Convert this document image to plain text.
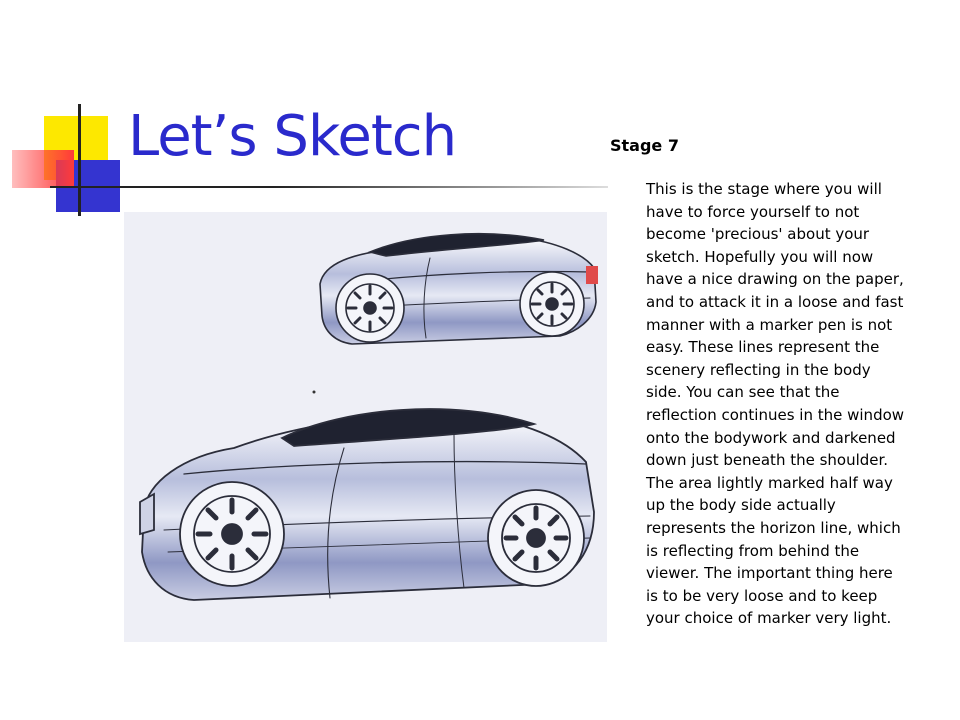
Let’s Sketch	Stage 7

This is the stage where you will have to force yourself to not become 'precious' about your sketch. Hopefully you will now have a nice drawing on the paper, and to attack it in a loose and fast manner with a marker pen is not easy. These lines represent the scenery reflecting in the body side. You can see that the reflection continues in the window onto the bodywork and darkened down just beneath the shoulder. The area lightly marked half way up the body side actually represents the horizon line, which is reflecting from behind the viewer. The important thing here is to be very loose and to keep your choice of marker very light.
